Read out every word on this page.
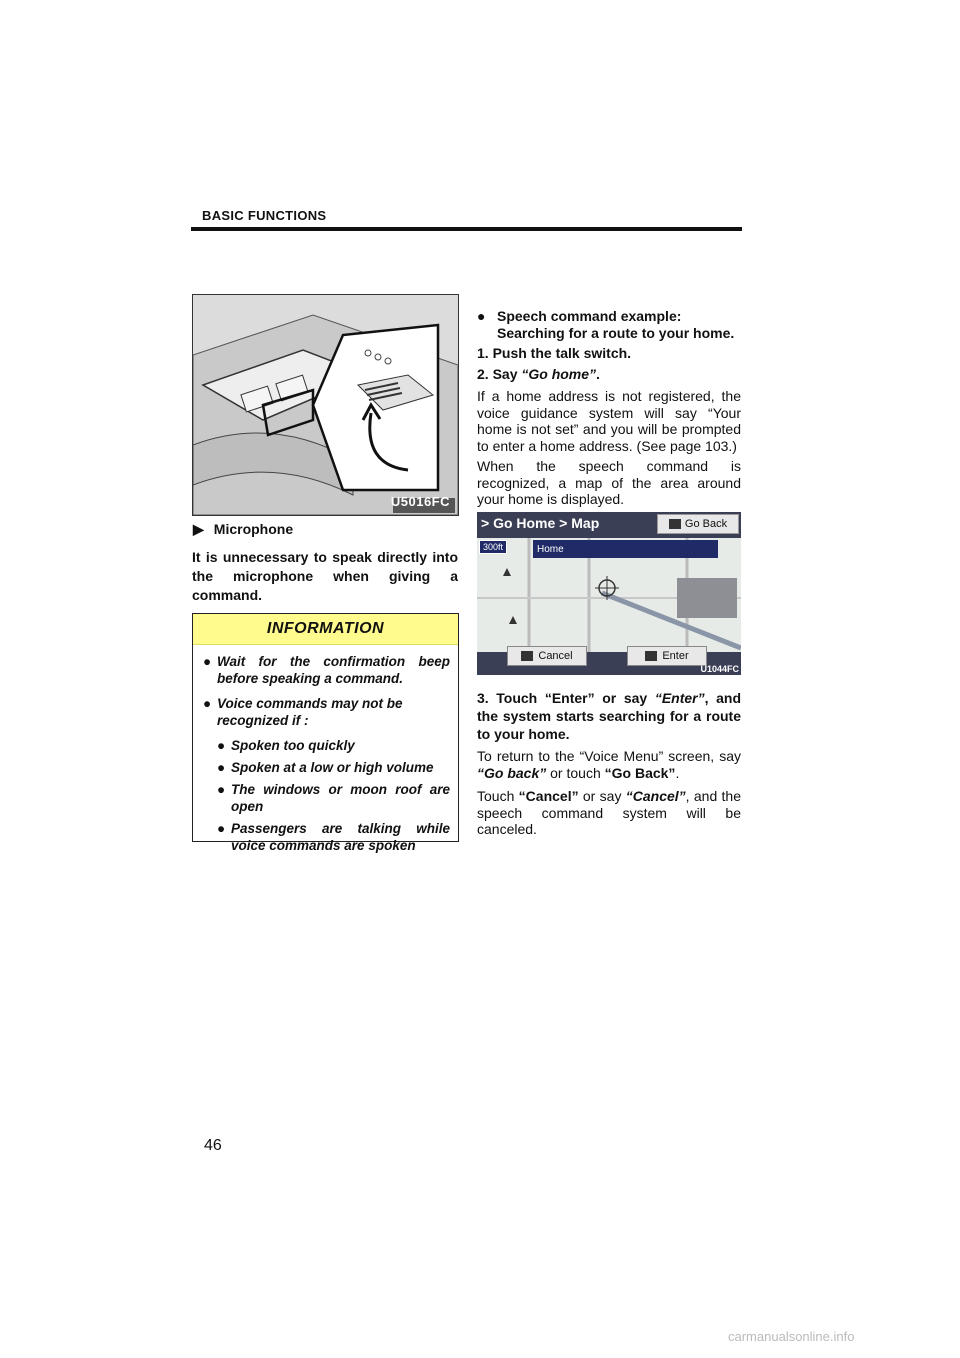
BASIC FUNCTIONS
U5016FC
▶ Microphone
It is unnecessary to speak directly into the microphone when giving a command.
INFORMATION
● Wait for the confirmation beep before speaking a command.
● Voice commands may not be recognized if :
● Spoken too quickly
● Spoken at a low or high volume
● The windows or moon roof are open
● Passengers are talking while voice commands are spoken
● Speech command example: Searching for a route to your home.
1. Push the talk switch.
2. Say “Go home”.
If a home address is not registered, the voice guidance system will say “Your home is not set” and you will be prompted to enter a home address. (See page 103.)
When the speech command is recognized, a map of the area around your home is displayed.
> Go Home > Map	Go Back
300ft	Home
Cancel	Enter
U1044FC
3. Touch “Enter” or say “Enter”, and the system starts searching for a route to your home.
To return to the “Voice Menu” screen, say “Go back” or touch “Go Back”.
Touch “Cancel” or say “Cancel”, and the speech command system will be canceled.
46
carmanualsonline.info
